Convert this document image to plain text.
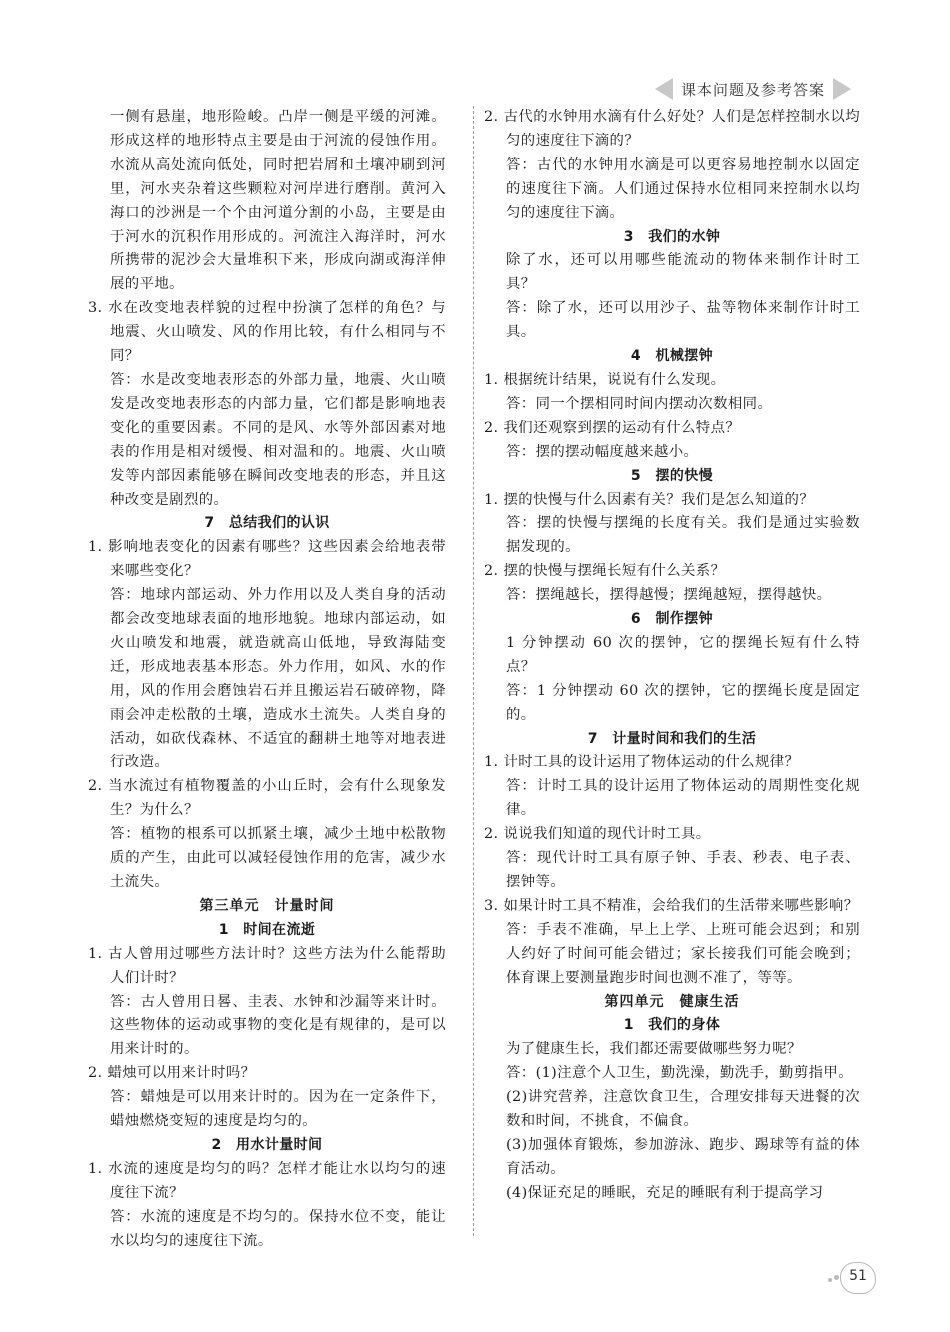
课本问题及参考答案

一侧有悬崖，地形险峻。凸岸一侧是平缓的河滩。形成这样的地形特点主要是由于河流的侵蚀作用。水流从高处流向低处，同时把岩屑和土壤冲刷到河里，河水夹杂着这些颗粒对河岸进行磨削。黄河入海口的沙洲是一个个由河道分割的小岛，主要是由于河水的沉积作用形成的。河流注入海洋时，河水所携带的泥沙会大量堆积下来，形成向湖或海洋伸展的平地。

3. 水在改变地表样貌的过程中扮演了怎样的角色？与地震、火山喷发、风的作用比较，有什么相同与不同？

答：水是改变地表形态的外部力量，地震、火山喷发是改变地表形态的内部力量，它们都是影响地表变化的重要因素。不同的是风、水等外部因素对地表的作用是相对缓慢、相对温和的。地震、火山喷发等内部因素能够在瞬间改变地表的形态，并且这种改变是剧烈的。

7　总结我们的认识

1. 影响地表变化的因素有哪些？这些因素会给地表带来哪些变化？

答：地球内部运动、外力作用以及人类自身的活动都会改变地球表面的地形地貌。地球内部运动，如火山喷发和地震，就造就高山低地，导致海陆变迁，形成地表基本形态。外力作用，如风、水的作用，风的作用会磨蚀岩石并且搬运岩石破碎物，降雨会冲走松散的土壤，造成水土流失。人类自身的活动，如砍伐森林、不适宜的翻耕土地等对地表进行改造。

2. 当水流过有植物覆盖的小山丘时，会有什么现象发生？为什么？

答：植物的根系可以抓紧土壤，减少土地中松散物质的产生，由此可以减轻侵蚀作用的危害，减少水土流失。

第三单元　计量时间

1　时间在流逝

1. 古人曾用过哪些方法计时？这些方法为什么能帮助人们计时？

答：古人曾用日晷、圭表、水钟和沙漏等来计时。这些物体的运动或事物的变化是有规律的，是可以用来计时的。

2. 蜡烛可以用来计时吗？

答：蜡烛是可以用来计时的。因为在一定条件下，蜡烛燃烧变短的速度是均匀的。

2　用水计量时间

1. 水流的速度是均匀的吗？怎样才能让水以均匀的速度往下流？

答：水流的速度是不均匀的。保持水位不变，能让水以均匀的速度往下流。

2. 古代的水钟用水滴有什么好处？人们是怎样控制水以均匀的速度往下滴的？

答：古代的水钟用水滴是可以更容易地控制水以固定的速度往下滴。人们通过保持水位相同来控制水以均匀的速度往下滴。

3　我们的水钟

除了水，还可以用哪些能流动的物体来制作计时工具？

答：除了水，还可以用沙子、盐等物体来制作计时工具。

4　机械摆钟

1. 根据统计结果，说说有什么发现。

答：同一个摆相同时间内摆动次数相同。

2. 我们还观察到摆的运动有什么特点？

答：摆的摆动幅度越来越小。

5　摆的快慢

1. 摆的快慢与什么因素有关？我们是怎么知道的？

答：摆的快慢与摆绳的长度有关。我们是通过实验数据发现的。

2. 摆的快慢与摆绳长短有什么关系？

答：摆绳越长，摆得越慢；摆绳越短，摆得越快。

6　制作摆钟

1 分钟摆动 60 次的摆钟，它的摆绳长短有什么特点？

答：1 分钟摆动 60 次的摆钟，它的摆绳长度是固定的。

7　计量时间和我们的生活

1. 计时工具的设计运用了物体运动的什么规律？

答：计时工具的设计运用了物体运动的周期性变化规律。

2. 说说我们知道的现代计时工具。

答：现代计时工具有原子钟、手表、秒表、电子表、摆钟等。

3. 如果计时工具不精准，会给我们的生活带来哪些影响？

答：手表不准确，早上上学、上班可能会迟到；和别人约好了时间可能会错过；家长接我们可能会晚到；体育课上要测量跑步时间也测不准了，等等。

第四单元　健康生活

1　我们的身体

为了健康生长，我们都还需要做哪些努力呢？

答：(1)注意个人卫生，勤洗澡，勤洗手，勤剪指甲。

(2)讲究营养，注意饮食卫生，合理安排每天进餐的次数和时间，不挑食，不偏食。

(3)加强体育锻炼，参加游泳、跑步、踢球等有益的体育活动。

(4)保证充足的睡眠，充足的睡眠有利于提高学习

51
